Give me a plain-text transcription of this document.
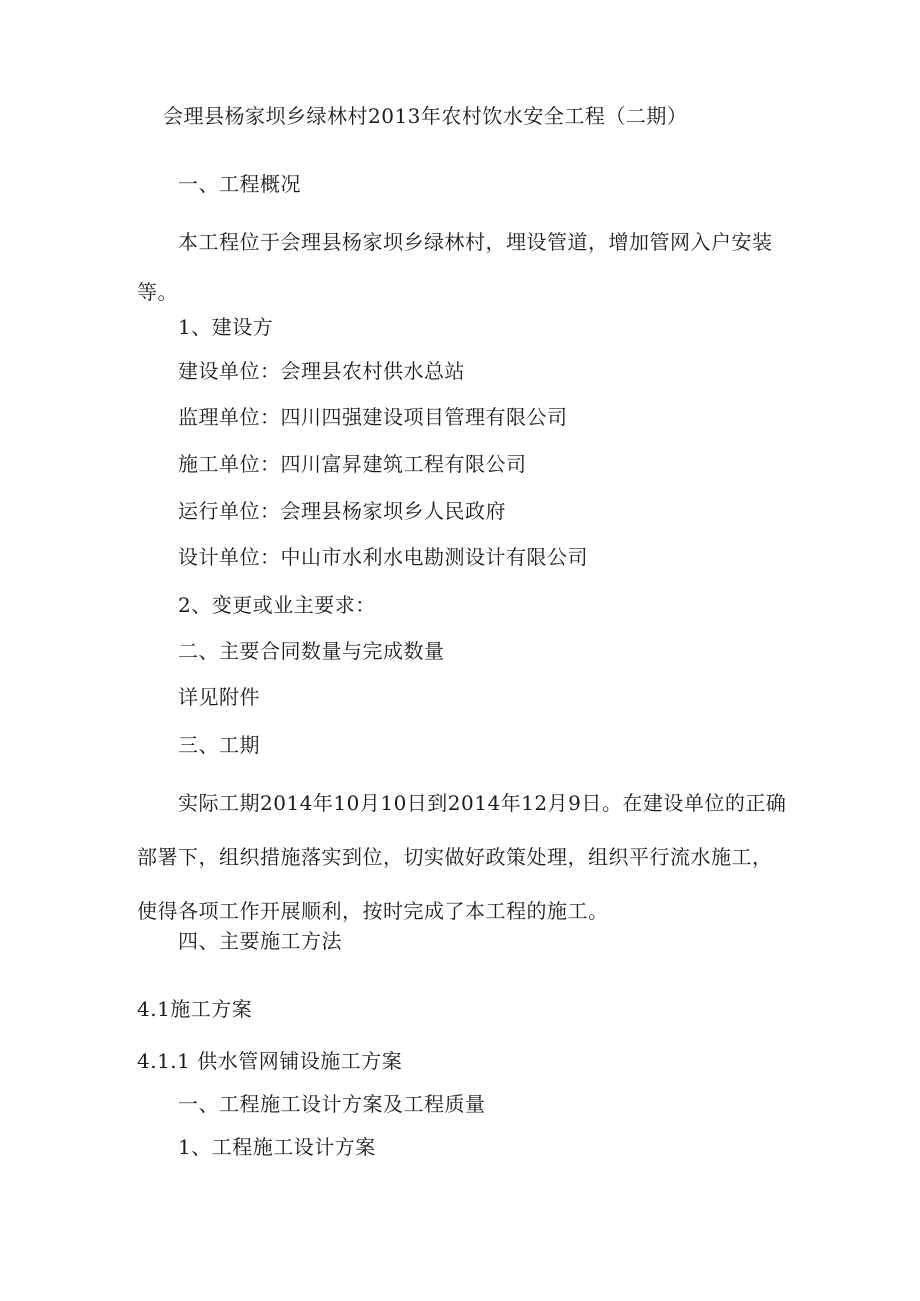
会理县杨家坝乡绿林村2013年农村饮水安全工程（二期）
一、工程概况
本工程位于会理县杨家坝乡绿林村，埋设管道，增加管网入户安装等。
1、建设方
建设单位：会理县农村供水总站
监理单位：四川四强建设项目管理有限公司
施工单位：四川富昇建筑工程有限公司
运行单位：会理县杨家坝乡人民政府
设计单位：中山市水利水电勘测设计有限公司
2、变更或业主要求：
二、主要合同数量与完成数量
详见附件
三、工期
实际工期2014年10月10日到2014年12月9日。在建设单位的正确部署下，组织措施落实到位，切实做好政策处理，组织平行流水施工，使得各项工作开展顺利，按时完成了本工程的施工。
四、主要施工方法
4.1施工方案
4.1.1 供水管网铺设施工方案
一、工程施工设计方案及工程质量
1、工程施工设计方案
